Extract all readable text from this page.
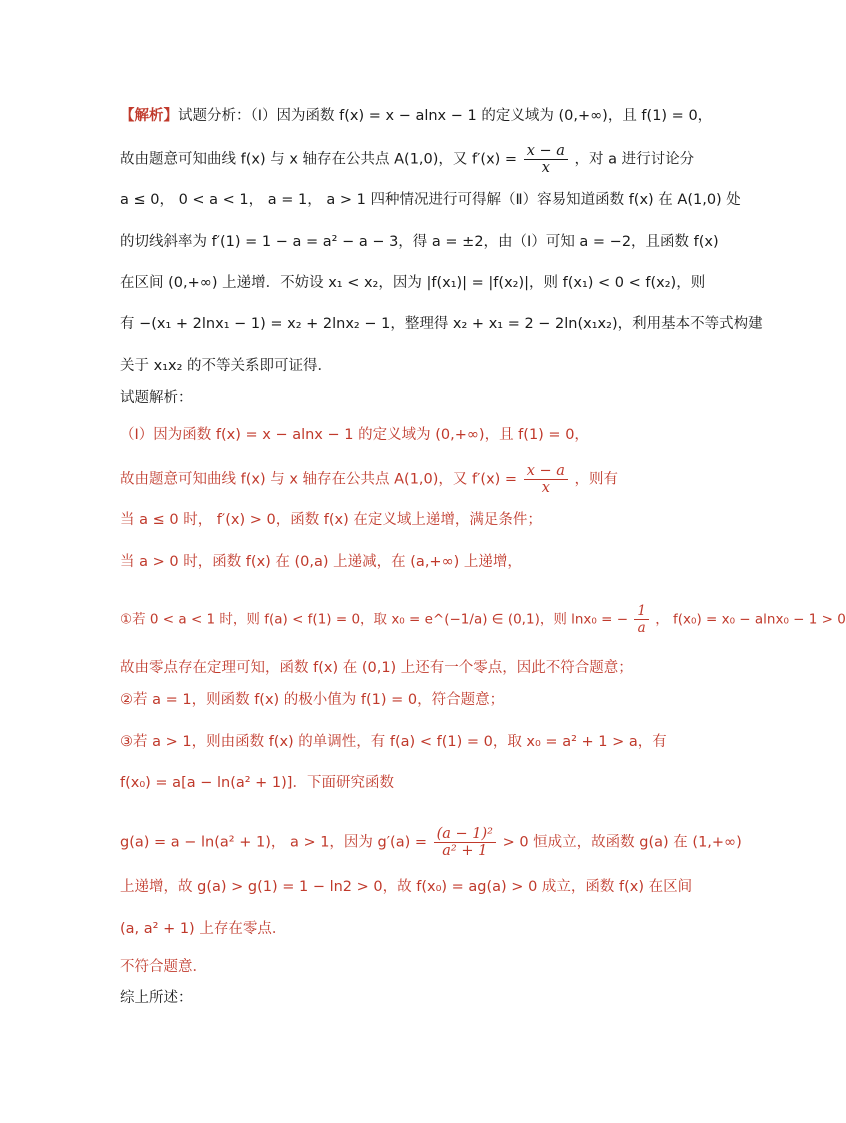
【解析】试题分析：（Ⅰ）因为函数 f(x) = x − alnx − 1 的定义域为 (0,+∞)，且 f(1) = 0，
故由题意可知曲线 f(x) 与 x 轴存在公共点 A(1,0)，又 $f'(x) = \frac{x - a}{x}$ ，对 a 进行讨论分
a ≤ 0， 0 < a < 1， a = 1， a > 1 四种情况进行可得解（Ⅱ）容易知道函数 f(x) 在 A(1,0) 处
的切线斜率为 f′(1) = 1 − a = a² − a − 3，得 a = ±2，由（Ⅰ）可知 a = −2，且函数 f(x)
在区间 (0,+∞) 上递增．不妨设 x₁ < x₂，因为 |f(x₁)| = |f(x₂)|，则 f(x₁) < 0 < f(x₂)，则
有 −(x₁ + 2lnx₁ − 1) = x₂ + 2lnx₂ − 1，整理得 x₂ + x₁ = 2 − 2ln(x₁x₂)，利用基本不等式构建
关于 x₁x₂ 的不等关系即可证得．
试题解析：
（Ⅰ）因为函数 f(x) = x − alnx − 1 的定义域为 (0,+∞)，且 f(1) = 0，
故由题意可知曲线 f(x) 与 x 轴存在公共点 A(1,0)，又 $f'(x) = \frac{x - a}{x}$ ，则有
当 a ≤ 0 时， f′(x) > 0，函数 f(x) 在定义域上递增，满足条件；
当 a > 0 时，函数 f(x) 在 (0,a) 上递减，在 (a,+∞) 上递增，
①若 0 < a < 1 时，则 f(a) < f(1) = 0，取 x₀ = e^(−1/a) ∈ (0,1)，则 lnx₀ = − $\frac{1}{a}$ ， f(x₀) = x₀ − alnx₀ − 1 > 0
故由零点存在定理可知，函数 f(x) 在 (0,1) 上还有一个零点，因此不符合题意；
②若 a = 1，则函数 f(x) 的极小值为 f(1) = 0，符合题意；
③若 a > 1，则由函数 f(x) 的单调性，有 f(a) < f(1) = 0，取 x₀ = a² + 1 > a，有
f(x₀) = a[a − ln(a² + 1)]．下面研究函数
g(a) = a − ln(a² + 1)， a > 1，因为 $g'(a) = \frac{\text{(a − 1)²}}{\text{a² + 1}} > 0$ 恒成立，故函数 g(a) 在 (1,+∞)
上递增，故 g(a) > g(1) = 1 − ln2 > 0，故 f(x₀) = ag(a) > 0 成立，函数 f(x) 在区间
(a, a² + 1) 上存在零点．
不符合题意．
综上所述：
